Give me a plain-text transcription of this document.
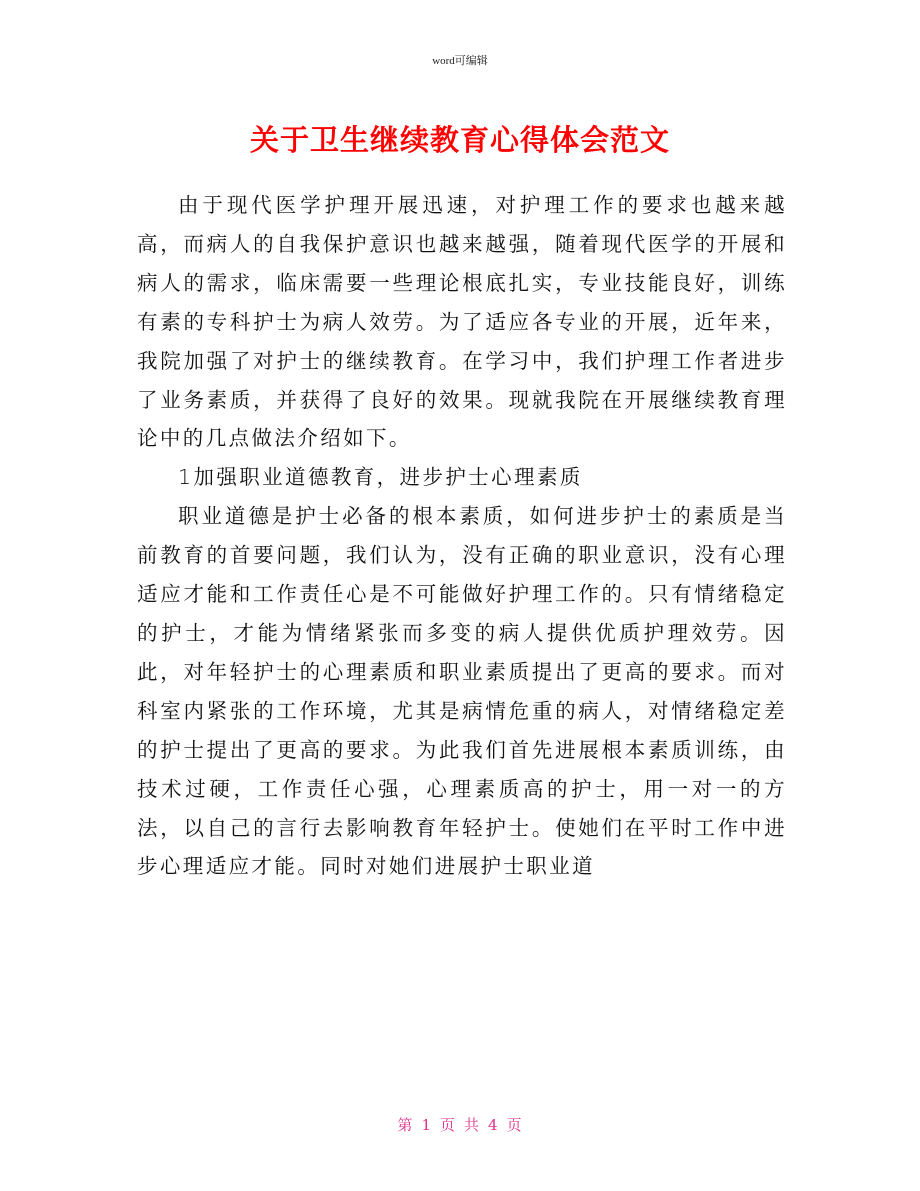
word可编辑
关于卫生继续教育心得体会范文

由于现代医学护理开展迅速，对护理工作的要求也越来越高，而病人的自我保护意识也越来越强，随着现代医学的开展和病人的需求，临床需要一些理论根底扎实，专业技能良好，训练有素的专科护士为病人效劳。为了适应各专业的开展，近年来，我院加强了对护士的继续教育。在学习中，我们护理工作者进步了业务素质，并获得了良好的效果。现就我院在开展继续教育理论中的几点做法介绍如下。

1加强职业道德教育，进步护士心理素质

职业道德是护士必备的根本素质，如何进步护士的素质是当前教育的首要问题，我们认为，没有正确的职业意识，没有心理适应才能和工作责任心是不可能做好护理工作的。只有情绪稳定的护士，才能为情绪紧张而多变的病人提供优质护理效劳。因此，对年轻护士的心理素质和职业素质提出了更高的要求。而对科室内紧张的工作环境，尤其是病情危重的病人，对情绪稳定差的护士提出了更高的要求。为此我们首先进展根本素质训练，由技术过硬，工作责任心强，心理素质高的护士，用一对一的方法，以自己的言行去影响教育年轻护士。使她们在平时工作中进步心理适应才能。同时对她们进展护士职业道

第 1 页 共 4 页
